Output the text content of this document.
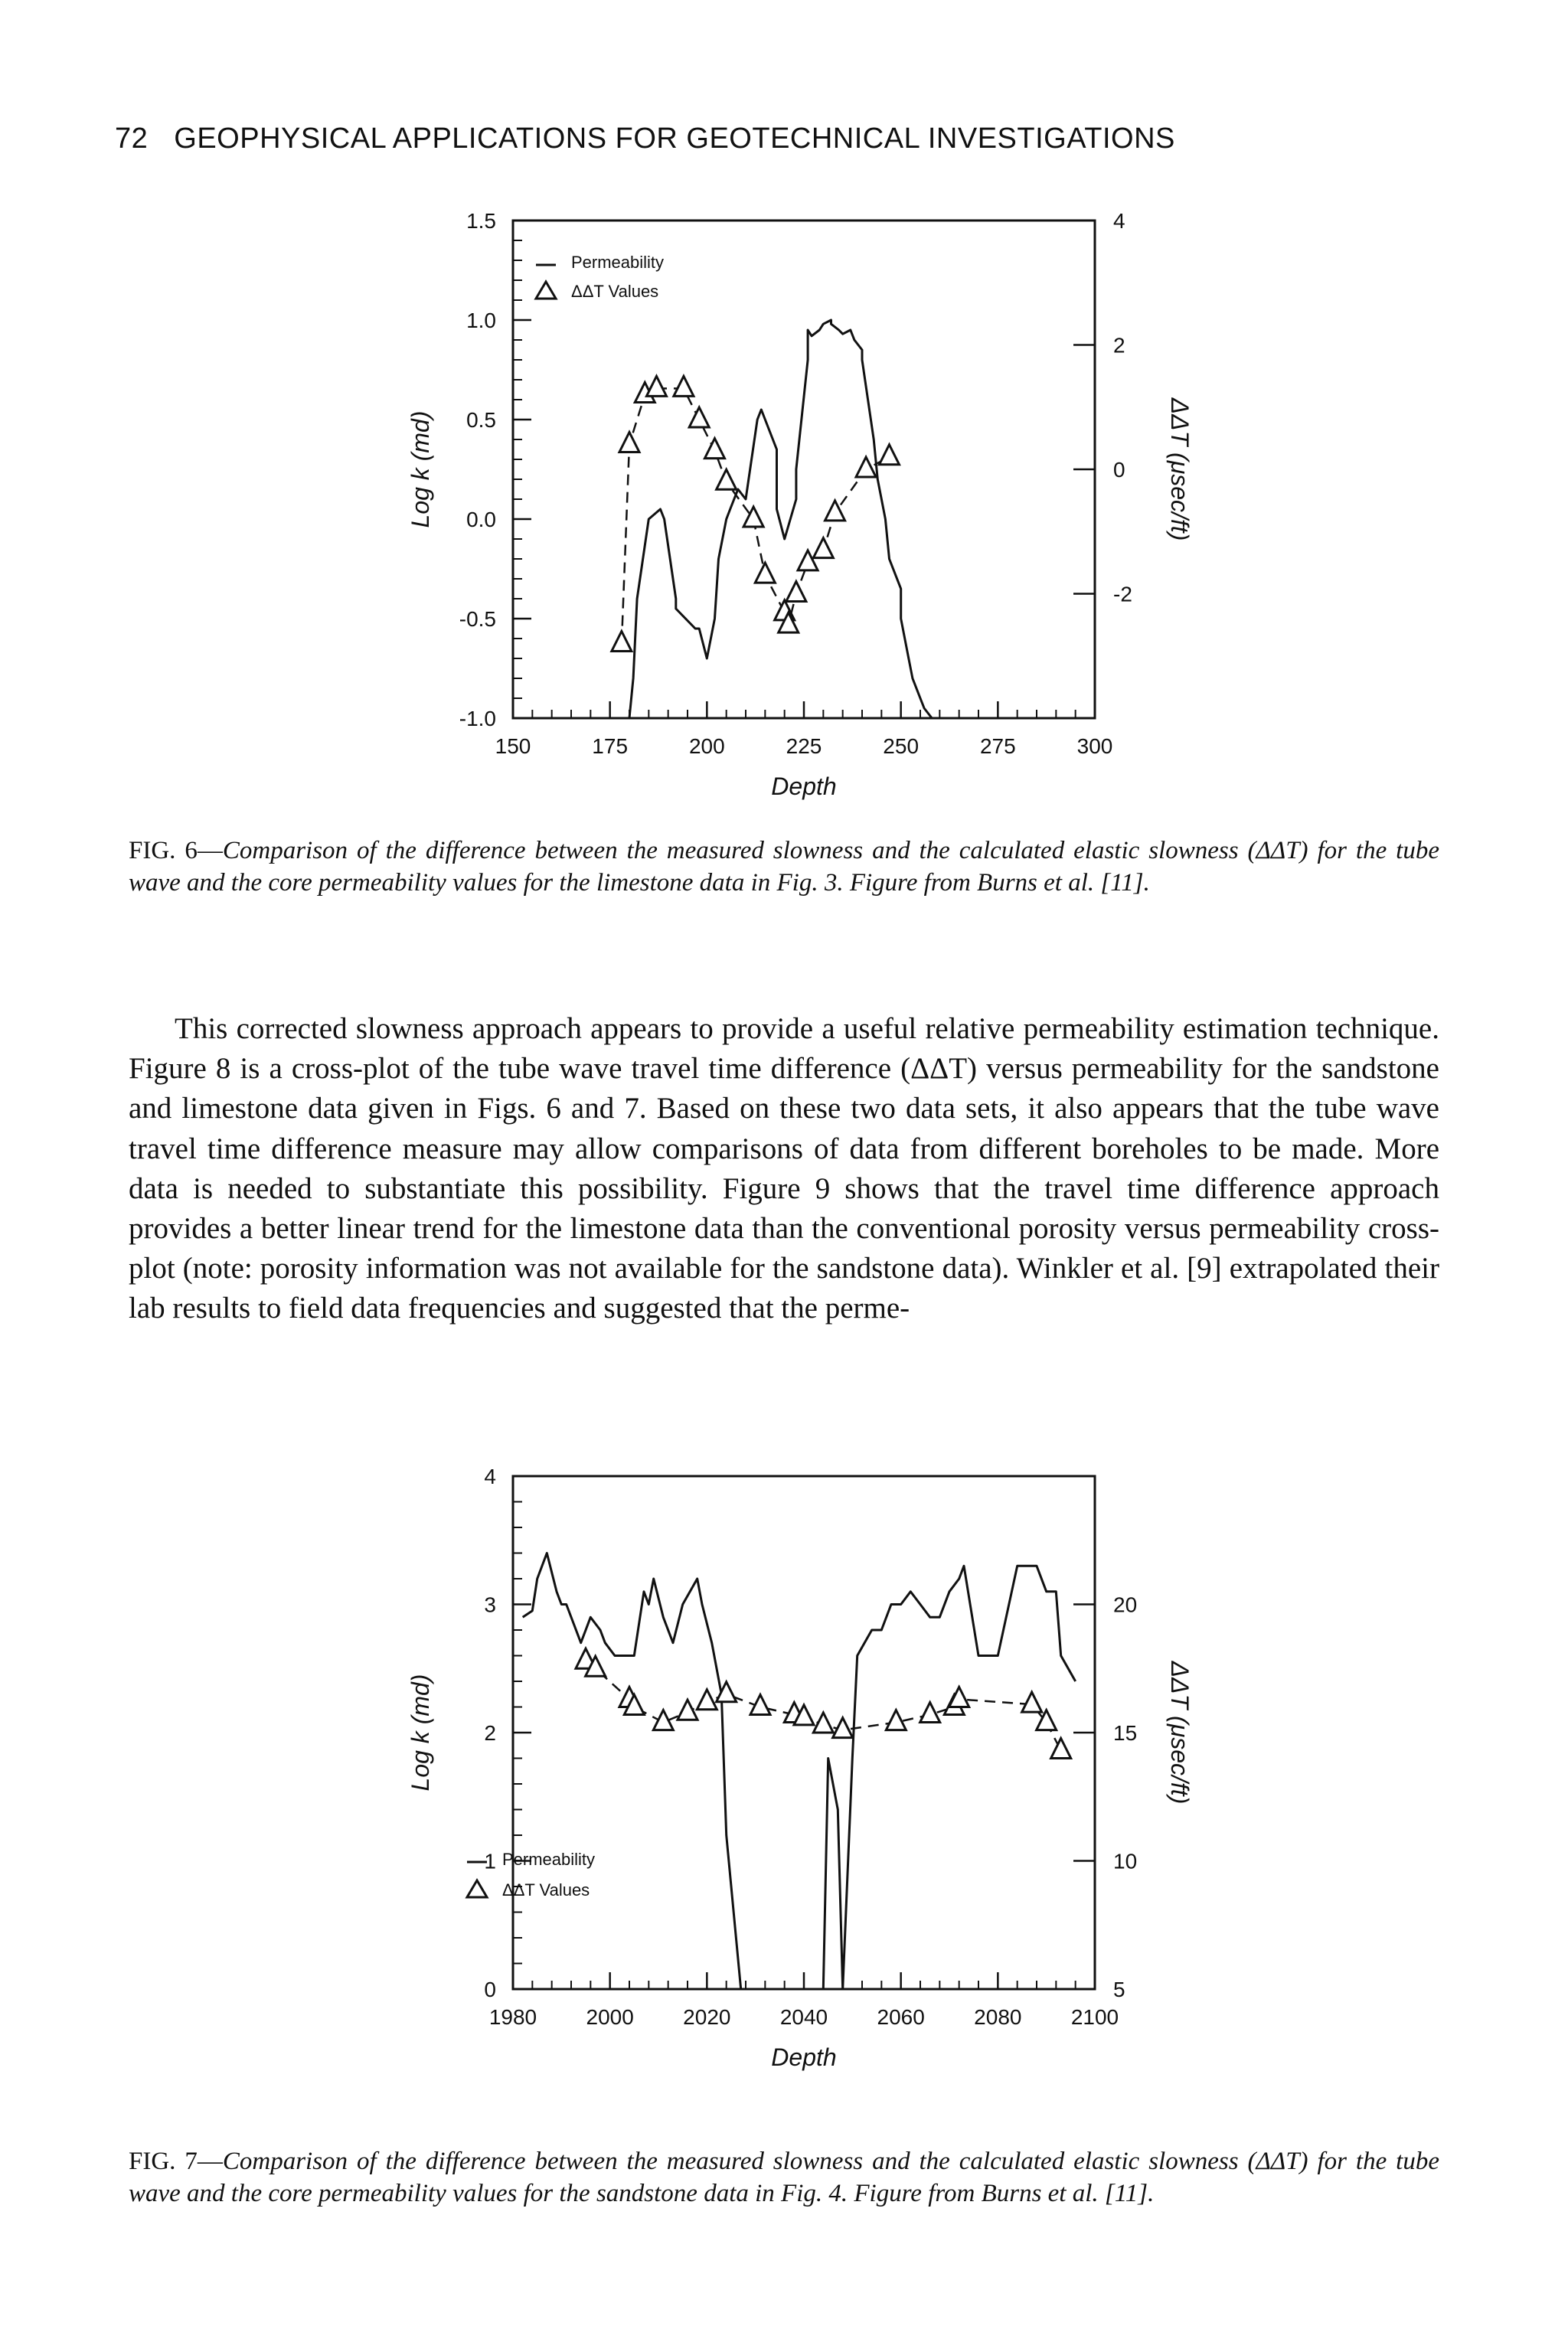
72 GEOPHYSICAL APPLICATIONS FOR GEOTECHNICAL INVESTIGATIONS
150	175	200	225	250	275	300
1.5
1.0
0.5
0.0
-0.5
-1.0
4
2
0
-2
Depth
Log k (md)	ΔΔT (μsec/ft)
Permeability
ΔΔT Values
FIG. 6—Comparison of the difference between the measured slowness and the calculated elastic slowness (ΔΔT) for the tube wave and the core permeability values for the limestone data in Fig. 3. Figure from Burns et al. [11].

This corrected slowness approach appears to provide a useful relative permeability estimation technique. Figure 8 is a cross-plot of the tube wave travel time difference (ΔΔT) versus permeability for the sandstone and limestone data given in Figs. 6 and 7. Based on these two data sets, it also appears that the tube wave travel time difference measure may allow comparisons of data from different boreholes to be made. More data is needed to substantiate this possibility. Figure 9 shows that the travel time difference approach provides a better linear trend for the limestone data than the conventional porosity versus permeability cross-plot (note: porosity information was not available for the sandstone data). Winkler et al. [9] extrapolated their lab results to field data frequencies and suggested that the perme-

1980 2000 2020 2040 2060 2080 2100
4
3
2
1
0
20
15
10
5
Depth
Log k (md)	ΔΔT (μsec/ft)
Permeability
ΔΔT Values
FIG. 7—Comparison of the difference between the measured slowness and the calculated elastic slowness (ΔΔT) for the tube wave and the core permeability values for the sandstone data in Fig. 4. Figure from Burns et al. [11].
